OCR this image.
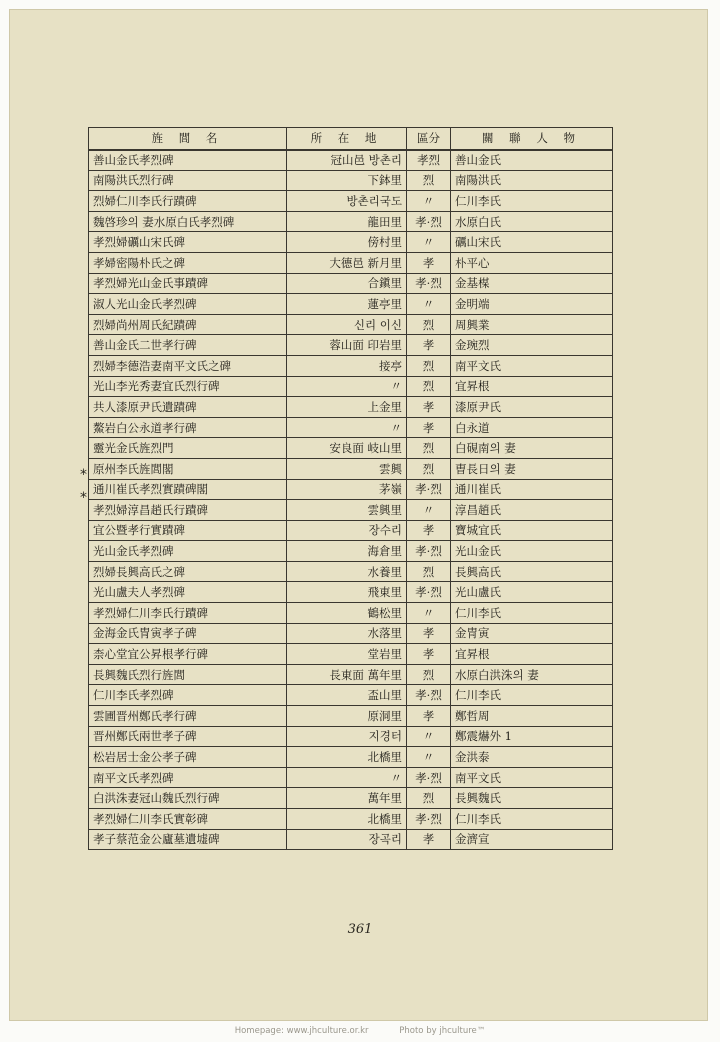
旌 閭 名	所 在 地	區分	關 聯 人 物
善山金氏孝烈碑	冠山邑 방촌리	孝烈	善山金氏
南陽洪氏烈行碑	下鉢里	烈	南陽洪氏
烈婦仁川李氏行蹟碑	방촌리국도	〃	仁川李氏
魏啓珍의 妻水原白氏孝烈碑	龍田里	孝·烈	水原白氏
孝烈婦礪山宋氏碑	傍村里	〃	礪山宋氏
孝婦密陽朴氏之碑	大德邑 新月里	孝	朴平心
孝烈婦光山金氏事蹟碑	合鎭里	孝·烈	金基楳
淑人光山金氏孝烈碑	蓮亭里	〃	金明端
烈婦尚州周氏紀蹟碑	신리 이신	烈	周興業
善山金氏二世孝行碑	蓉山面 印岩里	孝	金琬烈
烈婦李德浩妻南平文氏之碑	接亭	烈	南平文氏
光山李光秀妻宜氏烈行碑	〃	烈	宜昇根
共人漆原尹氏遺蹟碑	上金里	孝	漆原尹氏
鰲岩白公永道孝行碑	〃	孝	白永道
靈光金氏旌烈門	安良面 岐山里	烈	白硯南의 妻
原州李氏旌閭閣	雲興	烈	曺長日의 妻
通川崔氏孝烈實蹟碑閣	茅嶺	孝·烈	通川崔氏
孝烈婦淳昌趙氏行蹟碑	雲興里	〃	淳昌趙氏
宜公暨孝行實蹟碑	장수리	孝	寶城宜氏
光山金氏孝烈碑	海倉里	孝·烈	光山金氏
烈婦長興高氏之碑	水養里	烈	長興高氏
光山盧夫人孝烈碑	飛東里	孝·烈	光山盧氏
孝烈婦仁川李氏行蹟碑	鶴松里	〃	仁川李氏
金海金氏冑寅孝子碑	水落里	孝	金冑寅
柰心堂宜公昇根孝行碑	堂岩里	孝	宜昇根
長興魏氏烈行旌閭	長東面 萬年里	烈	水原白洪洙의 妻
仁川李氏孝烈碑	盃山里	孝·烈	仁川李氏
雲圃晋州鄭氏孝行碑	原洞里	孝	鄭哲周
晋州鄭氏兩世孝子碑	지경터	〃	鄭震爀外 1
松岩居士金公孝子碑	北橋里	〃	金洪泰
南平文氏孝烈碑	〃	孝·烈	南平文氏
白洪洙妻冠山魏氏烈行碑	萬年里	烈	長興魏氏
孝烈婦仁川李氏實彰碑	北橋里	孝·烈	仁川李氏
孝子蔡范金公廬墓遺墟碑	장곡리	孝	金濟宣
*
*
361
Homepage: www.jhculture.or.kr	Photo by jhculture™
